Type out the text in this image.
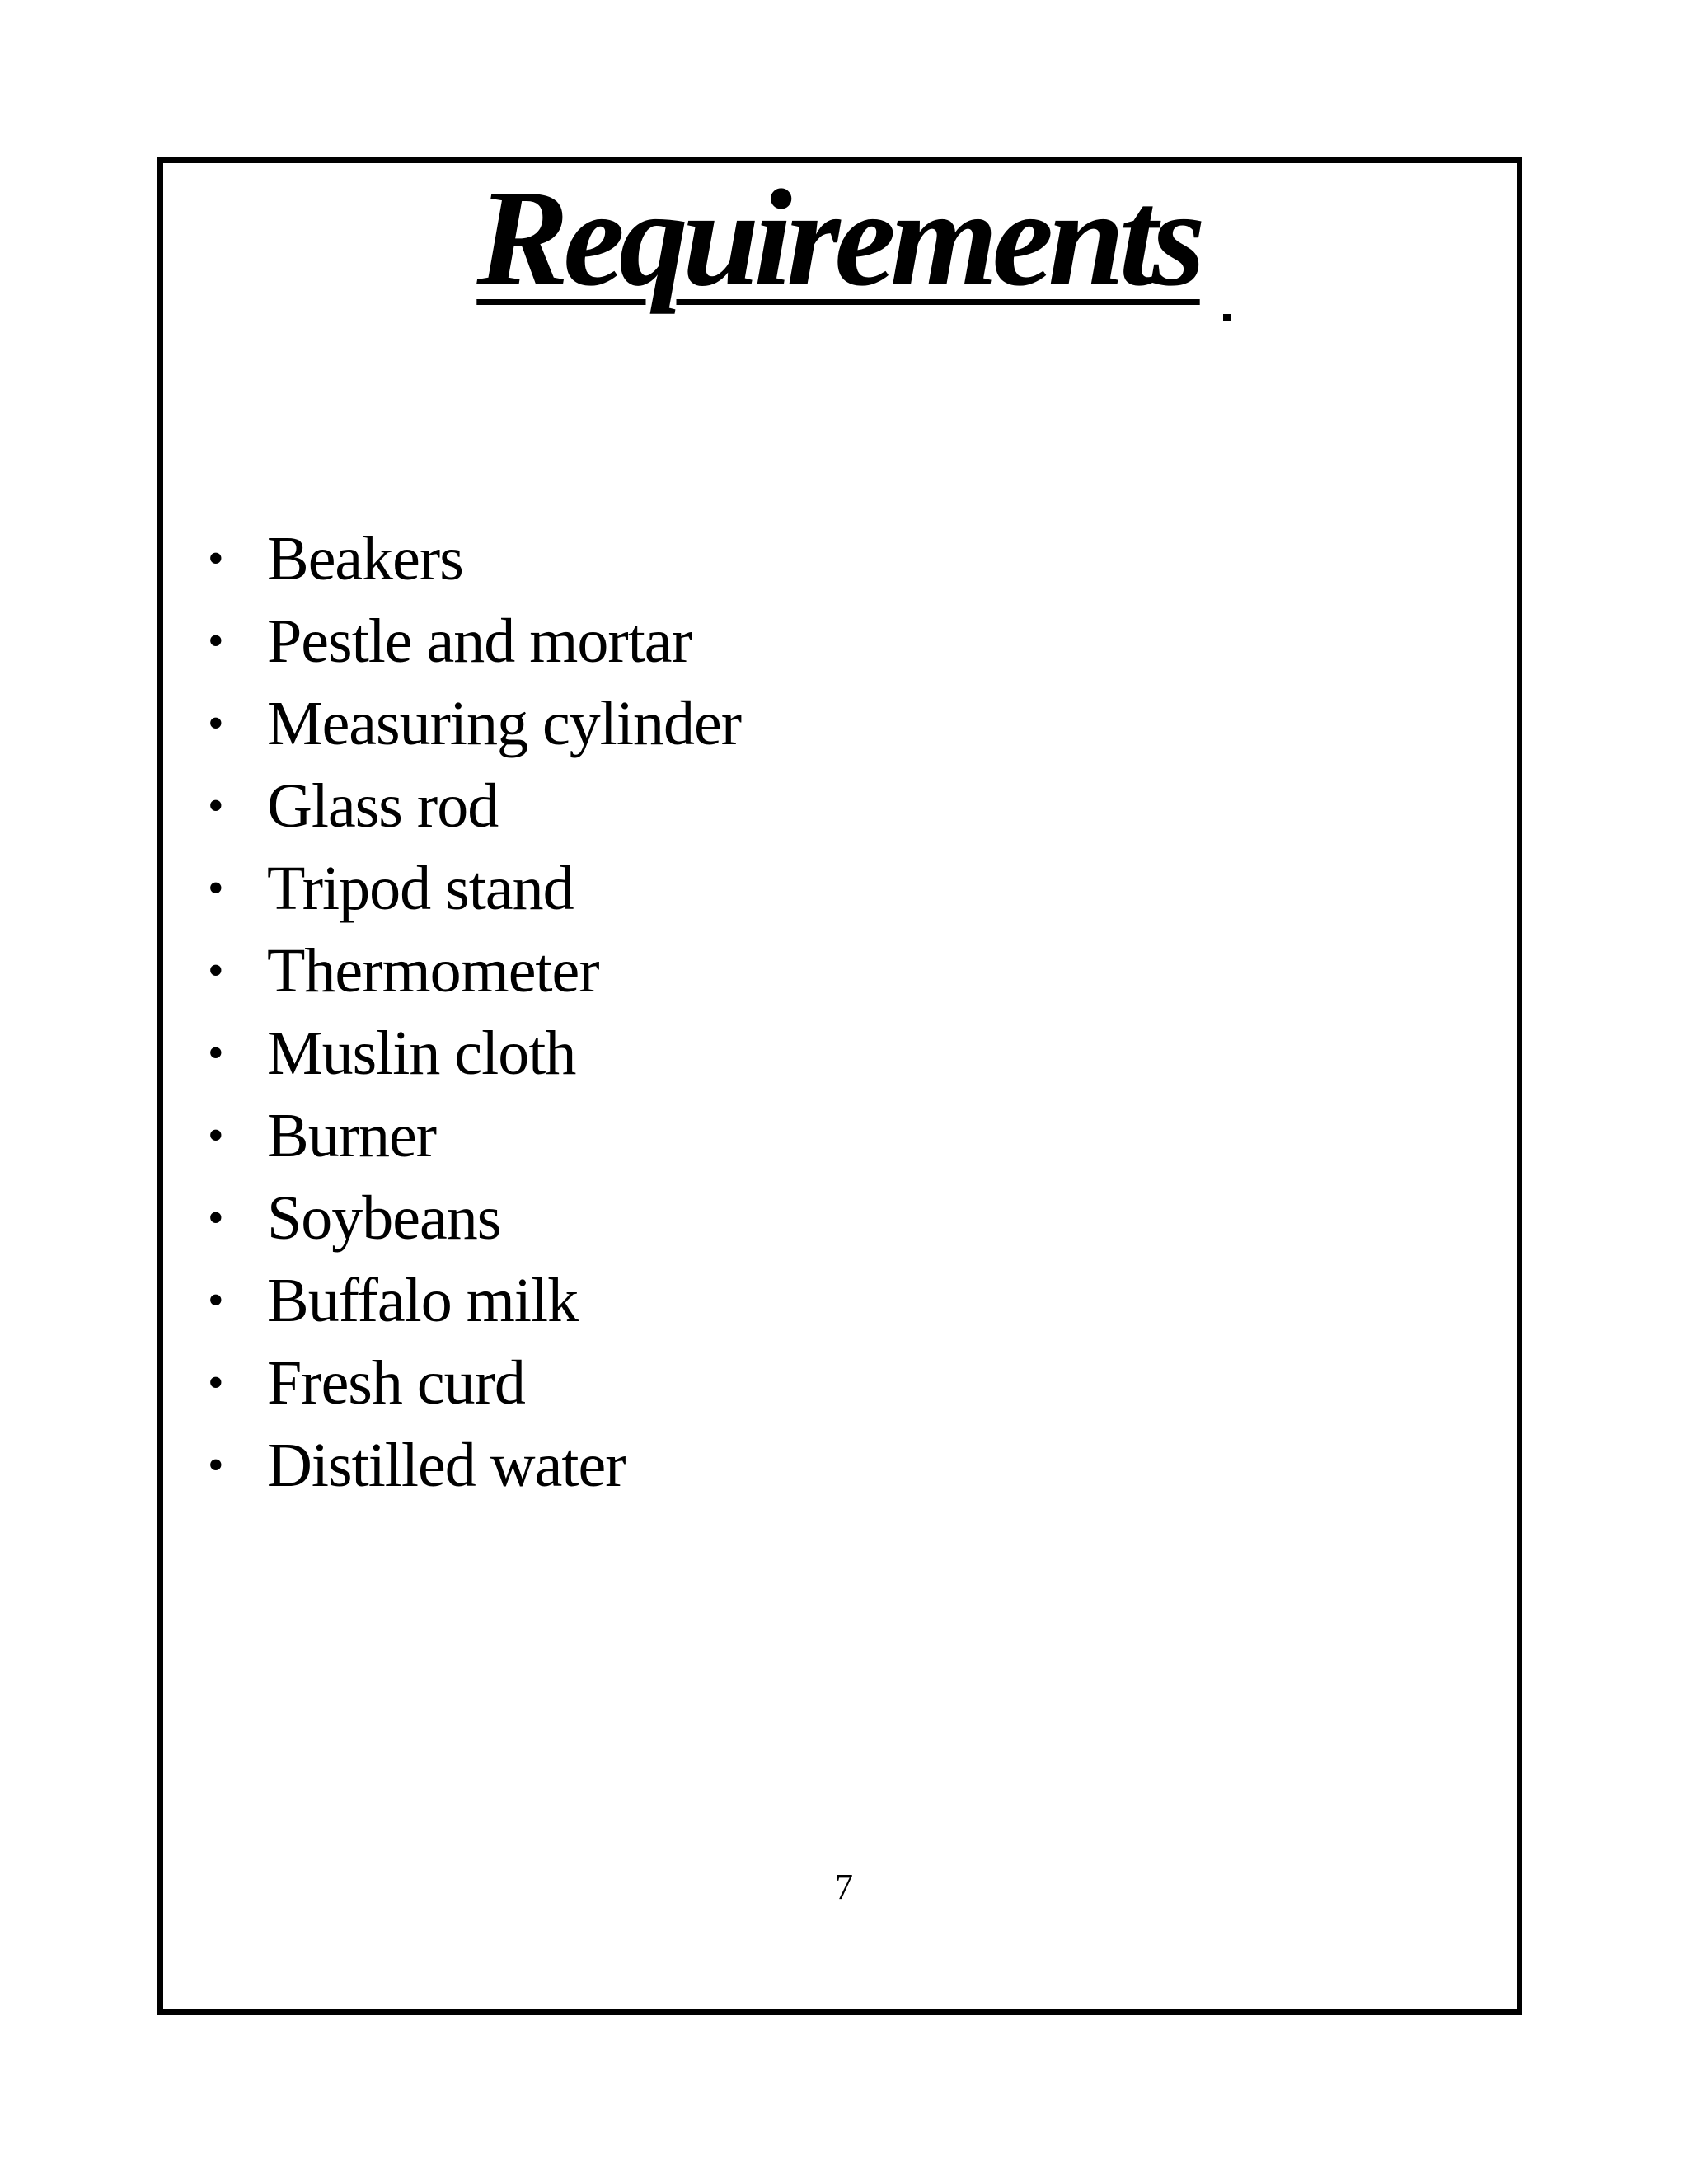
Requirements
• Beakers
• Pestle and mortar
• Measuring cylinder
• Glass rod
• Tripod stand
• Thermometer
• Muslin cloth
• Burner
• Soybeans
• Buffalo milk
• Fresh curd
• Distilled water
7
